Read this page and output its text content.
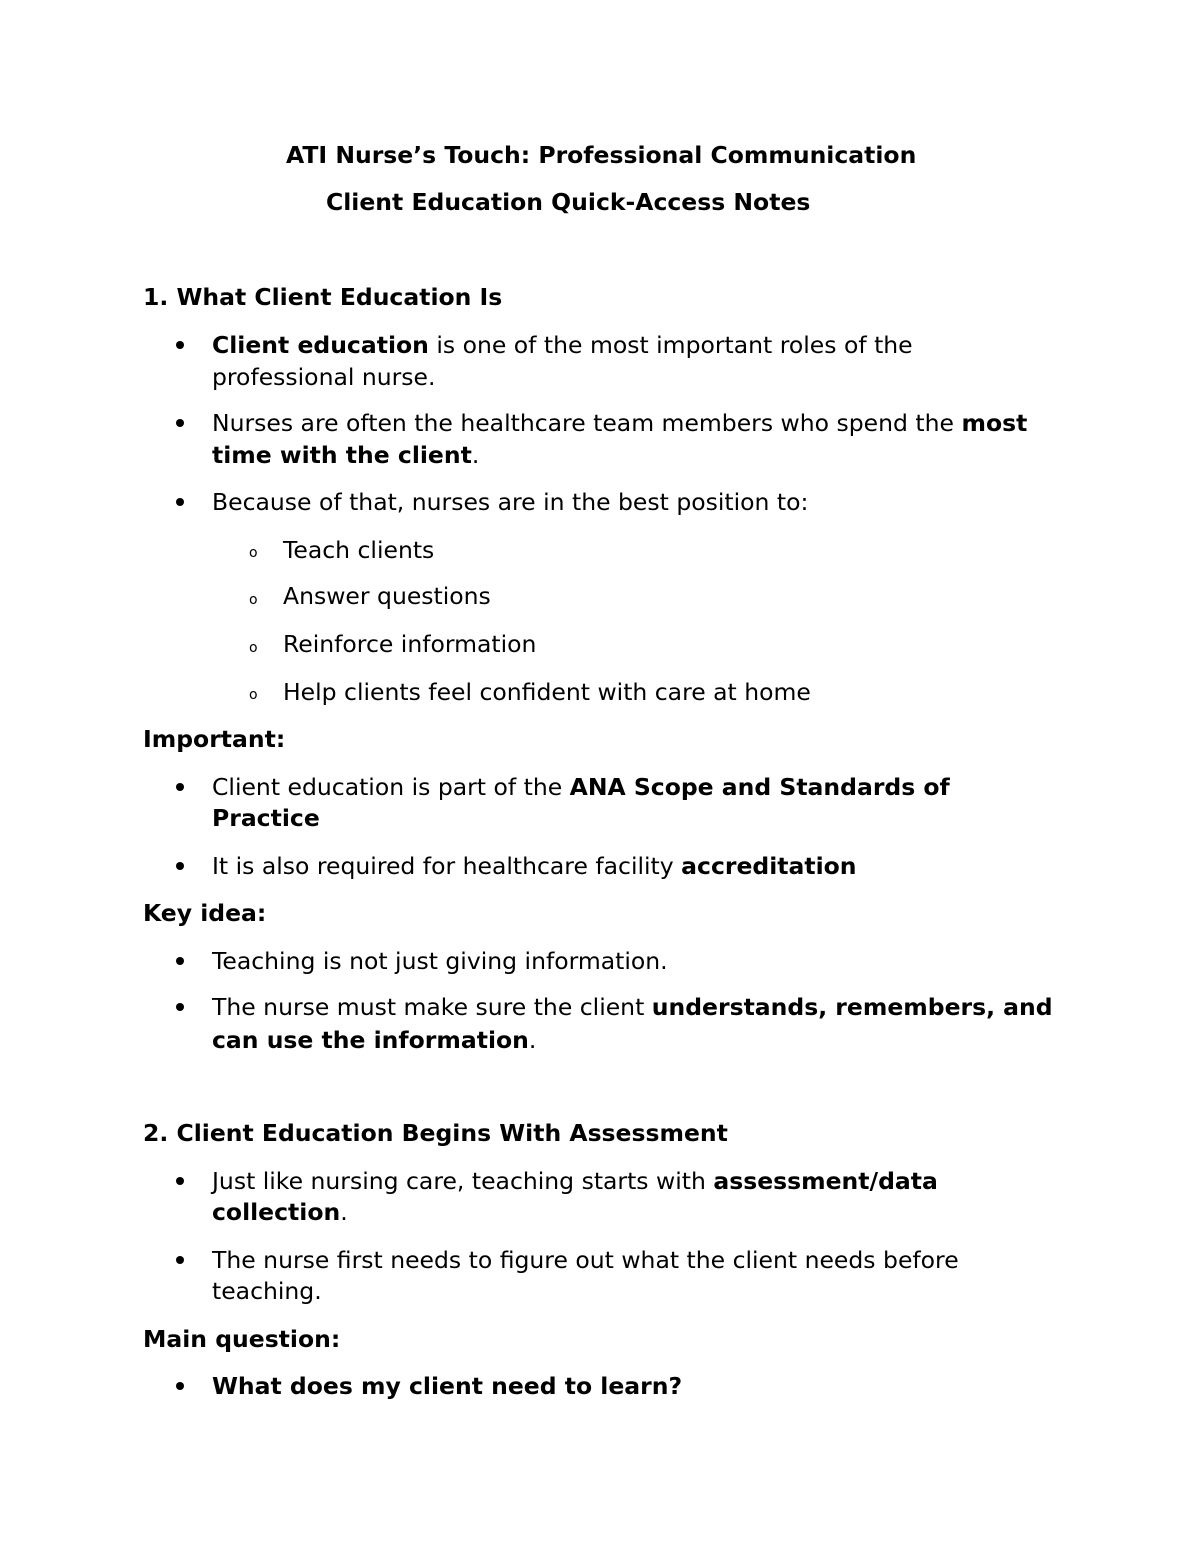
ATI Nurse’s Touch: Professional Communication
Client Education Quick-Access Notes
1. What Client Education Is
Client education is one of the most important roles of the
professional nurse.
Nurses are often the healthcare team members who spend the most
time with the client.
Because of that, nurses are in the best position to:
o Teach clients
o Answer questions
o Reinforce information
o Help clients feel confident with care at home
Important:
Client education is part of the ANA Scope and Standards of
Practice
It is also required for healthcare facility accreditation
Key idea:
Teaching is not just giving information.
The nurse must make sure the client understands, remembers, and
can use the information.
2. Client Education Begins With Assessment
Just like nursing care, teaching starts with assessment/data
collection.
The nurse first needs to figure out what the client needs before
teaching.
Main question:
What does my client need to learn?
